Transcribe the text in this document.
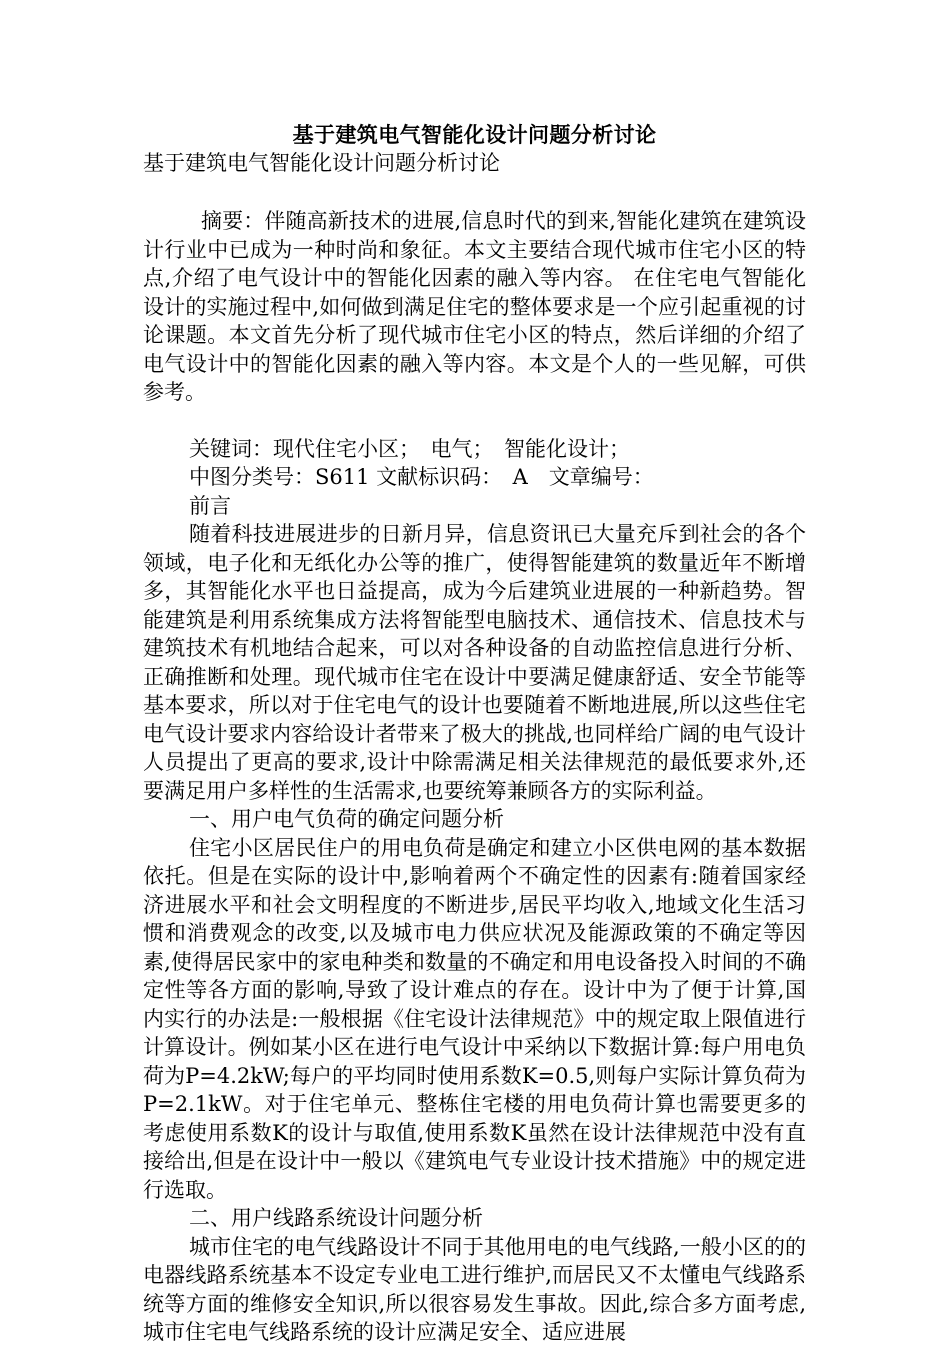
基于建筑电气智能化设计问题分析讨论

基于建筑电气智能化设计问题分析讨论

摘要：伴随高新技术的进展,信息时代的到来,智能化建筑在建筑设计行业中已成为一种时尚和象征。本文主要结合现代城市住宅小区的特点,介绍了电气设计中的智能化因素的融入等内容。 在住宅电气智能化设计的实施过程中,如何做到满足住宅的整体要求是一个应引起重视的讨论课题。本文首先分析了现代城市住宅小区的特点，然后详细的介绍了电气设计中的智能化因素的融入等内容。本文是个人的一些见解，可供参考。

关键词：现代住宅小区；　电气；　智能化设计；

中图分类号：S611 文献标识码：　A　文章编号：

前言

随着科技进展进步的日新月异，信息资讯已大量充斥到社会的各个领域，电子化和无纸化办公等的推广，使得智能建筑的数量近年不断增多，其智能化水平也日益提高，成为今后建筑业进展的一种新趋势。智能建筑是利用系统集成方法将智能型电脑技术、通信技术、信息技术与建筑技术有机地结合起来，可以对各种设备的自动监控信息进行分析、正确推断和处理。现代城市住宅在设计中要满足健康舒适、安全节能等基本要求，所以对于住宅电气的设计也要随着不断地进展,所以这些住宅电气设计要求内容给设计者带来了极大的挑战,也同样给广阔的电气设计人员提出了更高的要求,设计中除需满足相关法律规范的最低要求外,还要满足用户多样性的生活需求,也要统筹兼顾各方的实际利益。

一、用户电气负荷的确定问题分析

住宅小区居民住户的用电负荷是确定和建立小区供电网的基本数据依托。但是在实际的设计中,影响着两个不确定性的因素有:随着国家经济进展水平和社会文明程度的不断进步,居民平均收入,地域文化生活习惯和消费观念的改变,以及城市电力供应状况及能源政策的不确定等因素,使得居民家中的家电种类和数量的不确定和用电设备投入时间的不确定性等各方面的影响,导致了设计难点的存在。设计中为了便于计算,国内实行的办法是:一般根据《住宅设计法律规范》中的规定取上限值进行计算设计。例如某小区在进行电气设计中采纳以下数据计算:每户用电负荷为P=4.2kW;每户的平均同时使用系数K=0.5,则每户实际计算负荷为P=2.1kW。对于住宅单元、整栋住宅楼的用电负荷计算也需要更多的考虑使用系数K的设计与取值,使用系数K虽然在设计法律规范中没有直接给出,但是在设计中一般以《建筑电气专业设计技术措施》中的规定进行选取。

二、用户线路系统设计问题分析

城市住宅的电气线路设计不同于其他用电的电气线路,一般小区的的电器线路系统基本不设定专业电工进行维护,而居民又不太懂电气线路系统等方面的维修安全知识,所以很容易发生事故。因此,综合多方面考虑,城市住宅电气线路系统的设计应满足安全、适应进展
